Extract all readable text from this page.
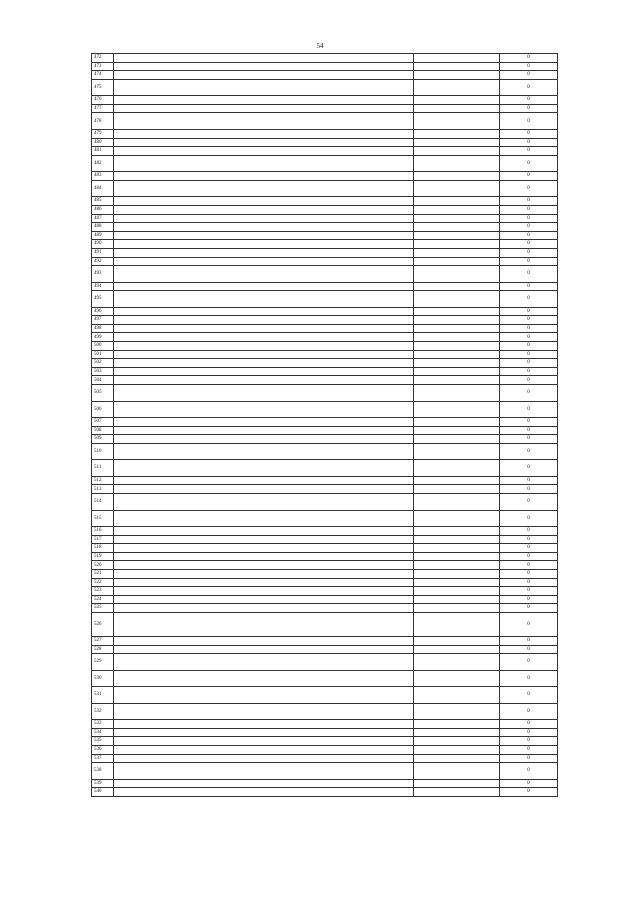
54
472			0
473			0
474			0
475			0
476			0
477			0
478			0
479			0
480			0
481			0
482			0
483			0
484			0
485			0
486			0
487			0
488			0
489			0
490			0
491			0
492			0
493			0
494			0
495			0
496			0
497			0
498			0
499			0
500			0
501			0
502			0
503			0
504			0
505			0
506			0
507			0
508			0
509			0
510			0
511			0
512			0
513			0
514			0
515			0
516			0
517			0
518			0
519			0
520			0
521			0
522			0
523			0
524			0
525			0
526			0
527			0
528			0
529			0
530			0
531			0
532			0
533			0
534			0
535			0
536			0
537			0
538			0
539			0
540			0
